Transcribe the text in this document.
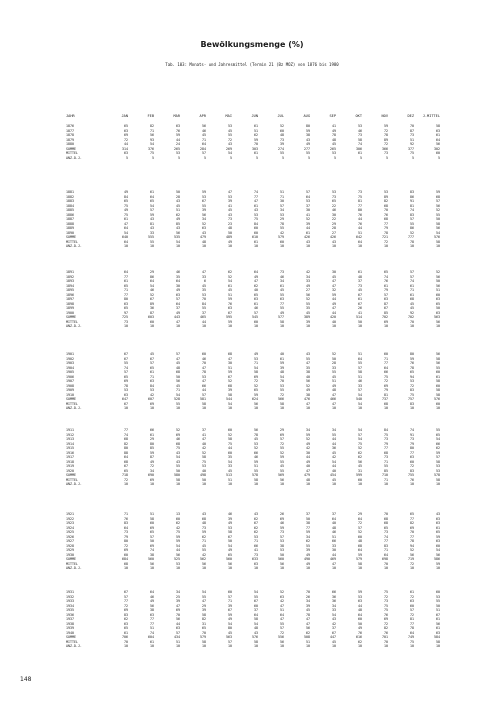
Bewölkungsmenge (%)
Tab. 103: Monats- und Jahresmittel (Termin 21 (Bz MOZ) von 1876 bis 1980
JAHR	JAN	FEB	MAR	APR	MAI	JUN	JUL	AUG	SEP	OKT	NOV	DEZ	J.MITTEL
1876	65	82	63	56	53	61	52	80	41	53	59	70	58
1877	63	71	76	46	45	51	60	59	49	46	72	87	63
1878	69	56	59	45	55	62	48	38	78	73	78	73	61
1879	72	93	44	71	72	59	73	43	48	58	89	51	64
1880	44	54	24	64	43	70	39	49	45	74	72	92	56
SUMME	314	376	265	284	269	303	274	277	265	306	366	377	302
MITTEL	63	75	53	57	54	61	55	55	53	61	73	75	60
ANZ.D.J.	5	5	5	5	5	5	5	5	5	5	5	5	5
1881	49	61	50	59	47	74	51	57	53	73	53	83	59
1882	84	64	28	53	53	77	71	64	73	75	89	86	68
1883	65	65	43	67	39	47	30	53	65	81	82	91	57
1884	75	54	45	55	41	61	57	37	22	77	68	81	56
1885	49	57	51	39	45	43	34	30	46	80	70	74	52
1886	75	59	62	56	43	53	53	41	30	76	76	83	55
1887	61	43	49	34	73	75	29	52	22	44	68	57	50
1888	47	81	85	52	23	84	78	39	29	76	77	55	58
1889	64	43	43	63	48	60	55	44	28	44	79	86	56
1890	54	33	56	43	50	60	42	61	27	51	78	52	54
SUMME	640	555	535	479	489	610	579	426	426	642	721	777	576
MITTEL	64	55	54	48	49	61	60	43	43	64	72	78	58
ANZ.D.J.	10	10	10	10	10	10	10	10	10	10	10	10	10
1891	64	29	46	47	62	64	73	42	30	61	65	57	52
1892	77	86	35	33	52	49	46	34	45	48	74	57	56
1893	61	64	64	6	54	47	34	33	47	37	76	74	50
1894	65	54	30	45	61	62	61	49	47	73	61	61	56
1895	71	46	49	35	45	40	45	27	32	45	79	71	51
1896	77	52	63	53	51	65	55	56	59	67	57	61	60
1897	80	67	57	70	59	63	63	52	44	61	63	68	63
1898	63	89	64	84	76	61	77	55	49	67	87	45	65
1899	65	36	37	55	63	46	55	35	47	26	67	45	50
1900	97	87	49	37	67	57	49	45	44	41	85	92	63
SUMME	725	603	443	465	595	545	577	389	420	514	702	702	563
MITTEL	73	60	47	44	59	60	58	39	40	50	69	70	56
ANZ.D.J.	10	10	10	10	10	10	10	10	10	10	10	10	10
1901	67	45	57	60	68	49	40	43	52	51	60	80	56
1902	67	67	47	46	47	53	61	55	50	64	71	59	58
1903	55	57	45	70	30	71	59	47	28	55	77	76	56
1904	74	65	48	47	51	54	39	35	33	57	64	78	55
1905	57	61	68	78	59	58	48	38	55	58	66	65	60
1906	65	71	50	53	67	69	54	40	45	51	75	94	61
1907	69	63	56	47	52	72	70	56	51	46	72	53	58
1908	78	84	45	66	68	52	53	52	49	33	69	72	60
1909	53	53	71	44	39	65	55	49	48	57	79	83	58
1910	63	42	54	57	58	59	72	38	47	54	81	75	58
SUMME	647	607	528	581	544	624	566	476	466	540	737	757	576
MITTEL	67	69	55	58	54	56	58	47	47	54	68	83	60
ANZ.D.J.	10	10	10	10	10	10	10	10	10	10	10	10	10
1911	77	66	52	37	60	56	29	34	34	54	84	74	55
1912	74	61	69	41	52	78	69	59	55	57	75	91	65
1913	68	29	46	47	58	45	57	52	44	54	73	73	54
1914	82	80	68	40	75	53	72	49	44	75	79	79	66
1915	80	85	75	42	44	52	55	42	36	52	77	80	62
1916	88	59	43	52	60	66	52	30	45	62	68	77	59
1917	64	87	54	58	35	46	59	44	42	62	73	63	57
1918	68	49	43	75	54	59	55	49	54	56	71	60	58
1919	67	72	55	53	33	51	45	40	44	45	55	72	53
1920	65	34	50	40	45	55	55	47	40	31	85	83	53
SUMME	718	690	580	498	513	578	569	479	454	599	710	755	578
MITTEL	72	69	58	50	51	58	56	48	45	60	71	76	58
ANZ.D.J.	10	10	10	10	10	10	10	10	10	10	10	10	10
1921	71	51	13	43	46	43	26	37	37	29	70	65	43
1922	76	58	60	68	39	62	69	50	64	64	68	77	63
1923	83	60	62	48	49	67	46	38	40	72	68	82	63
1924	64	69	42	73	53	62	59	77	48	57	65	69	61
1925	73	65	75	59	58	62	73	59	46	52	73	70	65
1926	79	57	59	62	67	53	57	34	51	60	74	77	59
1927	80	50	59	71	50	71	53	62	66	48	77	78	63
1928	72	69	54	45	54	66	38	55	33	68	83	94	60
1929	69	74	44	55	49	41	53	39	30	64	71	52	54
1930	60	38	56	42	65	73	50	49	44	59	64	56	56
SUMME	684	560	525	562	560	633	560	490	469	579	698	719	586
MITTEL	68	56	53	56	56	63	56	49	47	58	70	72	59
ANZ.D.J.	10	10	10	10	10	10	10	10	10	10	10	10	10
1931	67	64	34	54	60	54	52	70	66	59	75	61	60
1932	57	46	25	55	57	55	63	26	36	53	72	72	53
1933	77	49	39	47	71	67	42	34	36	63	73	63	55
1934	72	56	47	29	39	60	47	39	34	44	75	60	50
1935	69	38	69	39	67	37	51	45	33	48	75	57	51
1936	83	63	70	58	59	64	64	78	54	64	76	72	67
1937	62	77	56	82	49	58	47	47	43	60	69	81	61
1938	63	77	44	31	54	54	55	47	42	50	72	77	56
1939	65	51	63	65	80	48	57	56	37	49	82	78	61
1940	61	74	57	70	45	43	72	62	67	76	76	64	63
SUMME	706	604	434	579	563	576	556	508	447	616	701	749	584
MITTEL	70	61	51	58	57	58	56	51	45	62	70	75	58
ANZ.D.J.	10	10	10	10	10	10	10	10	10	10	10	10	10
148
